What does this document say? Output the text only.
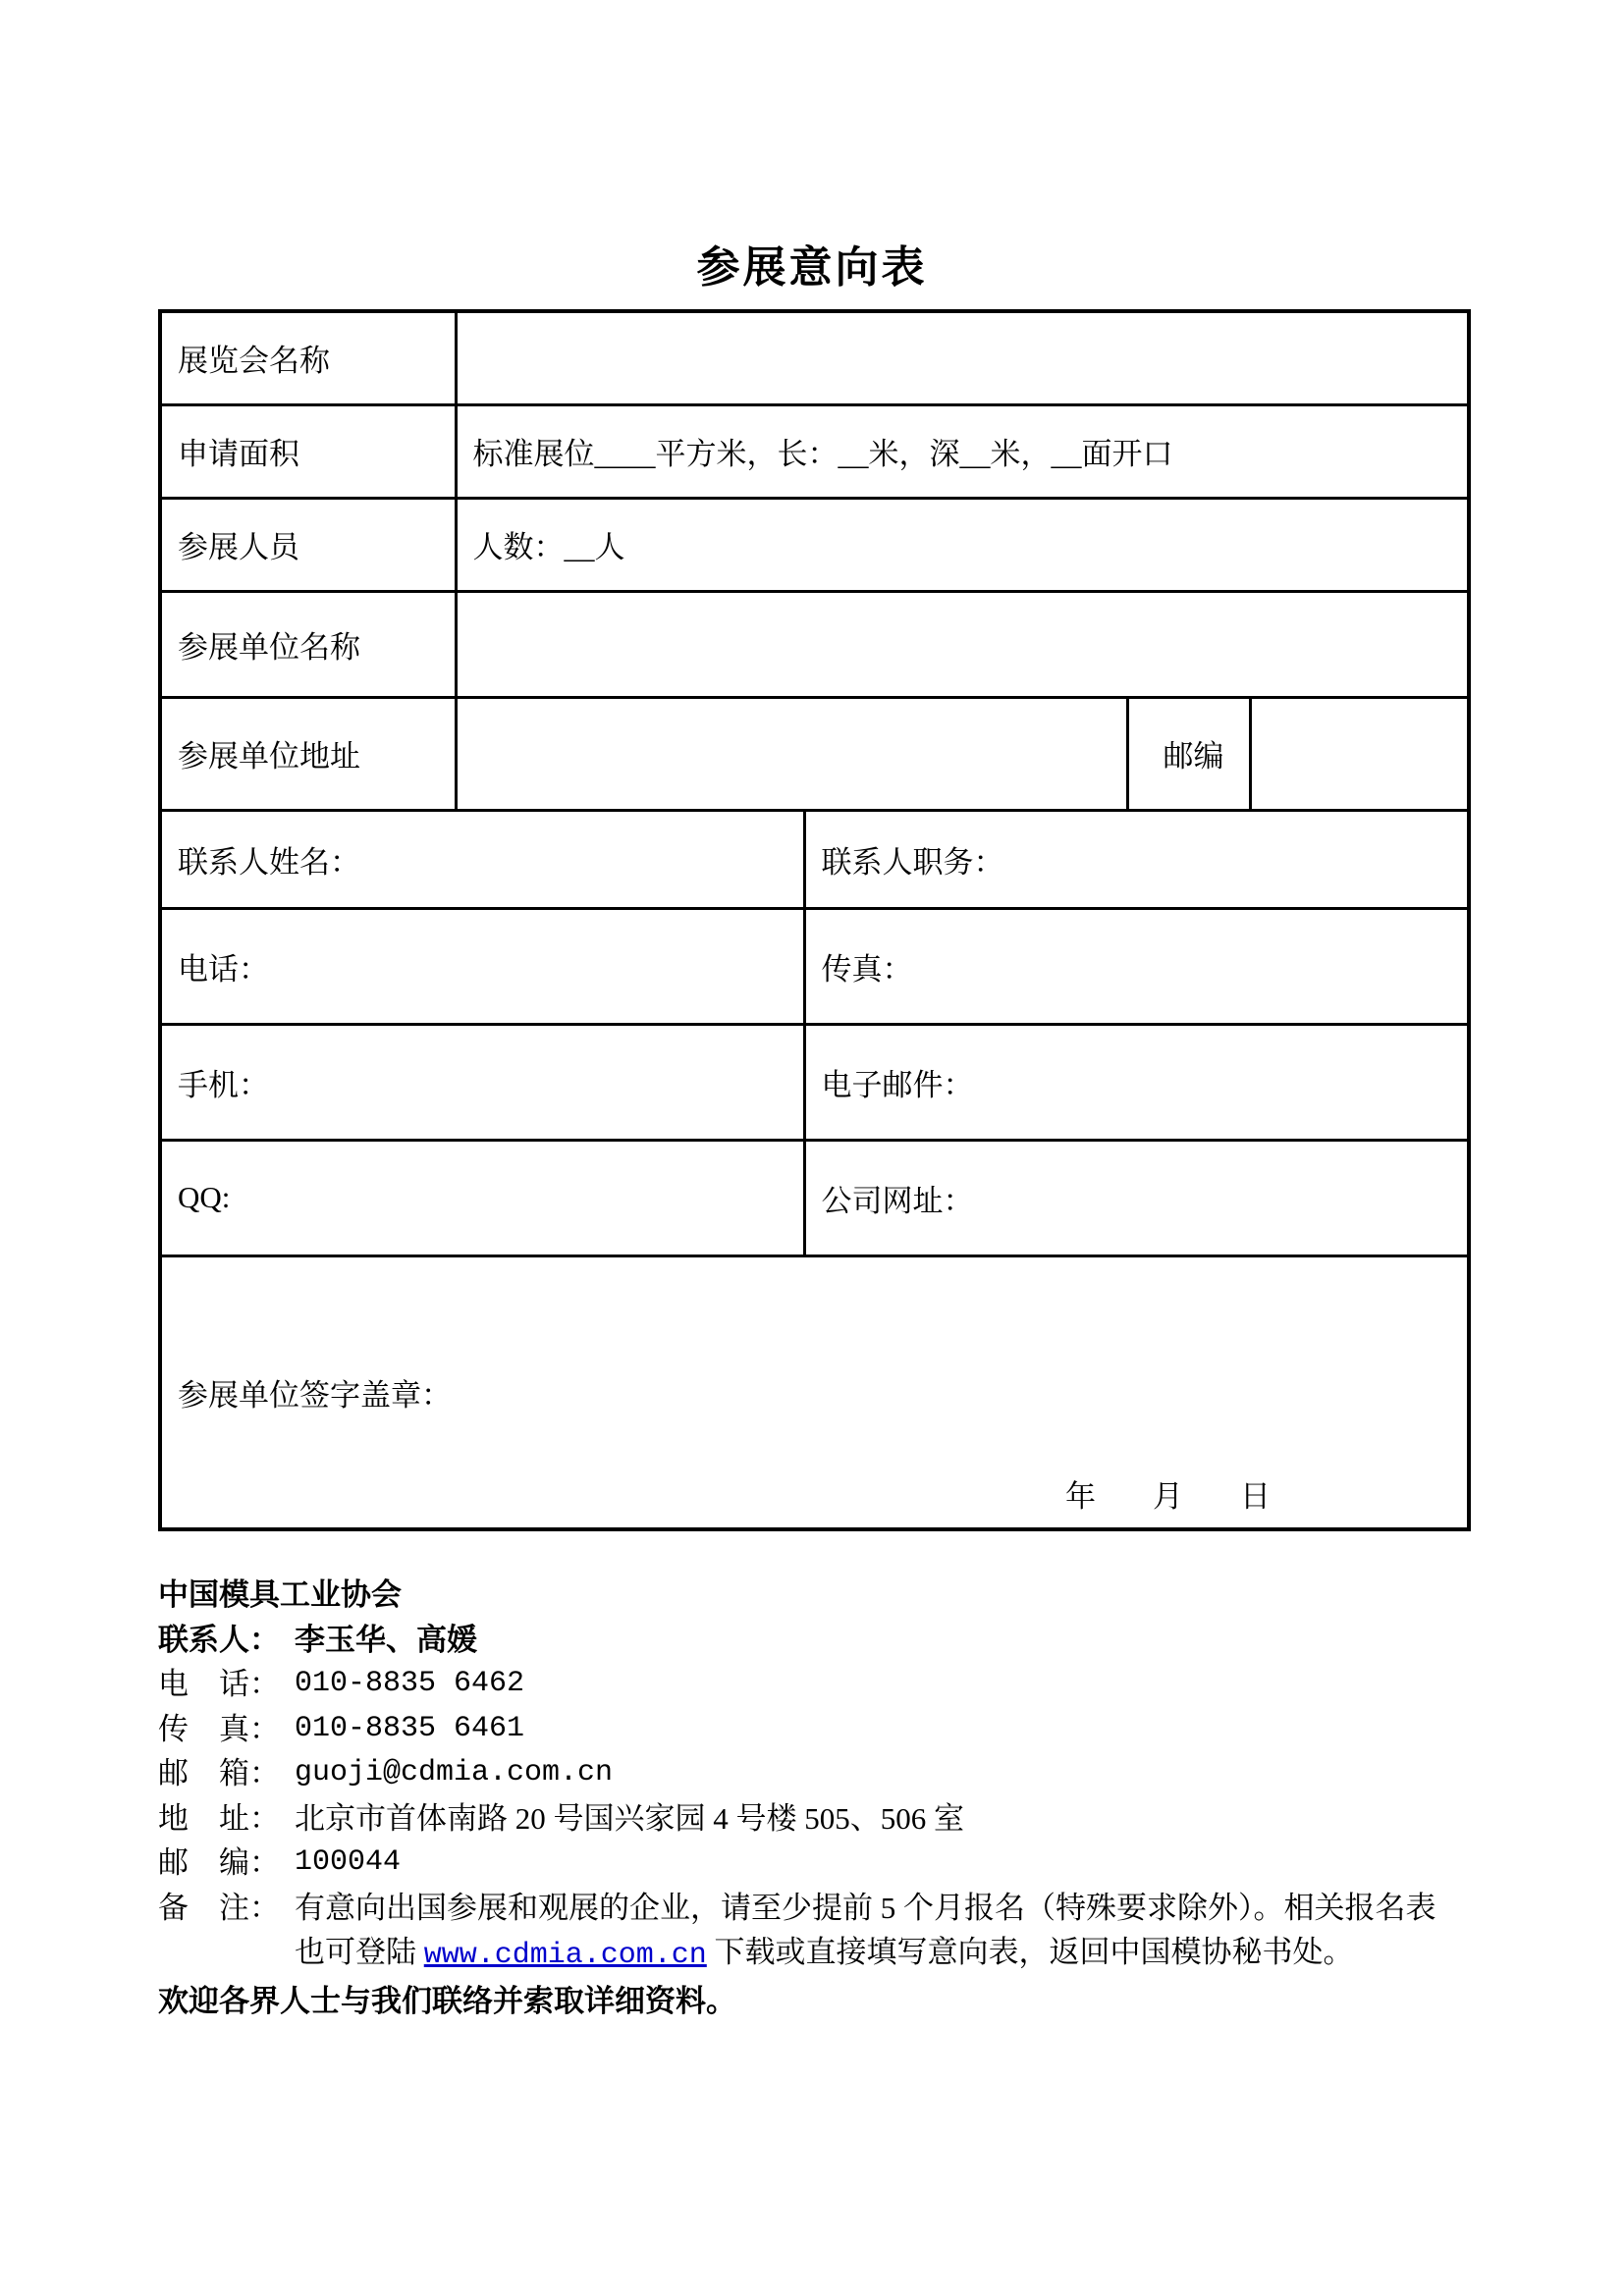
参展意向表
展览会名称				
申请面积	标准展位____平方米，长：__米，深__米，__面开口			
参展人员	人数：__人			
参展单位名称				
参展单位地址			邮编	
联系人姓名：		联系人职务：		
电话：		传真：		
手机：		电子邮件：		
QQ:		公司网址：		
参展单位签字盖章：
年 月 日				
中国模具工业协会
联系人： 李玉华、高媛
电　话： 010-8835 6462
传　真： 010-8835 6461
邮　箱： guoji@cdmia.com.cn
地　址： 北京市首体南路 20 号国兴家园 4 号楼 505、506 室
邮　编： 100044
备　注： 有意向出国参展和观展的企业，请至少提前 5 个月报名（特殊要求除外）。相关报名表
也可登陆 www.cdmia.com.cn 下载或直接填写意向表，返回中国模协秘书处。
欢迎各界人士与我们联络并索取详细资料。
